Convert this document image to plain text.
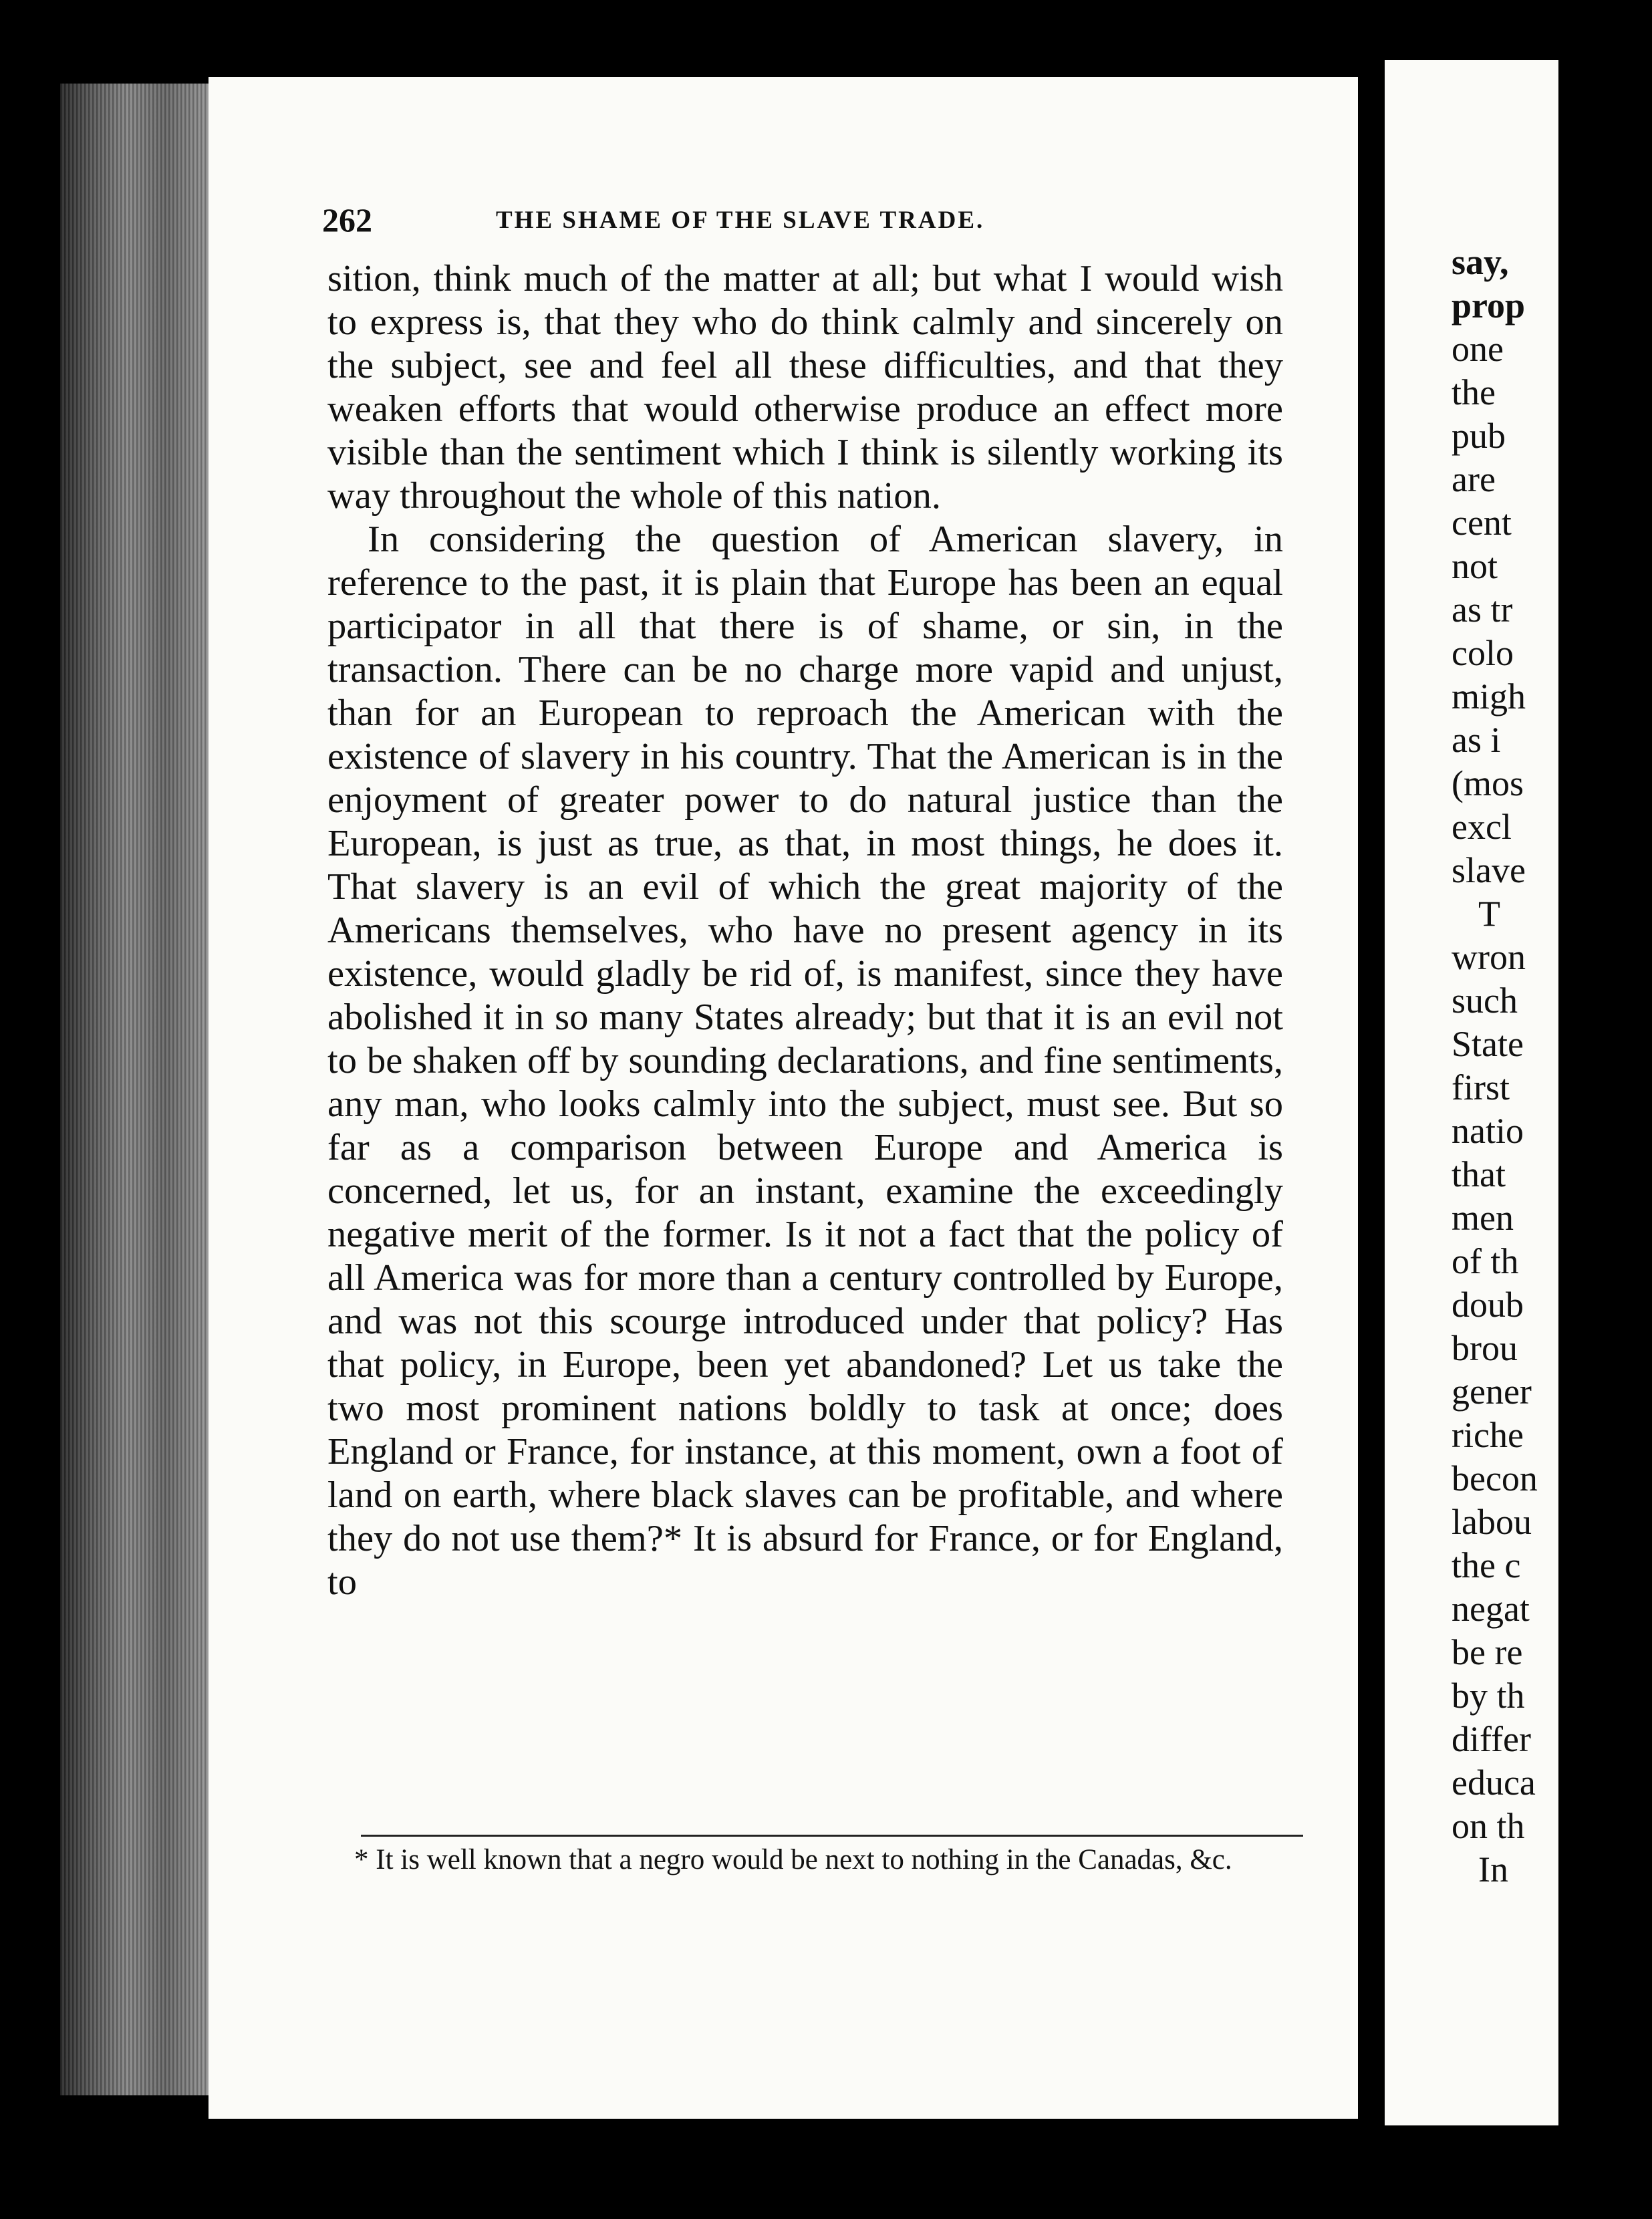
262	THE SHAME OF THE SLAVE TRADE.

sition, think much of the matter at all; but what I would wish to express is, that they who do think calmly and sincerely on the subject, see and feel all these difficulties, and that they weaken efforts that would otherwise produce an effect more visible than the sentiment which I think is silently working its way throughout the whole of this nation.

In considering the question of American slavery, in reference to the past, it is plain that Europe has been an equal participator in all that there is of shame, or sin, in the transaction. There can be no charge more vapid and unjust, than for an European to reproach the American with the existence of slavery in his country. That the American is in the enjoyment of greater power to do natural justice than the European, is just as true, as that, in most things, he does it. That slavery is an evil of which the great majority of the Americans themselves, who have no present agency in its existence, would gladly be rid of, is manifest, since they have abolished it in so many States already; but that it is an evil not to be shaken off by sounding declarations, and fine sentiments, any man, who looks calmly into the subject, must see. But so far as a comparison between Europe and America is concerned, let us, for an instant, examine the exceedingly negative merit of the former. Is it not a fact that the policy of all America was for more than a century controlled by Europe, and was not this scourge introduced under that policy? Has that policy, in Europe, been yet abandoned? Let us take the two most prominent nations boldly to task at once; does England or France, for instance, at this moment, own a foot of land on earth, where black slaves can be profitable, and where they do not use them?* It is absurd for France, or for England, to

* It is well known that a negro would be next to nothing in the Canadas, &c.
say,
prop
one
the
pub
are
cent
not
as tr
colo
migh
as i
(mos
excl
slave
T
wron
such
State
first
natio
that
men
of th
doub
brou
gener
riche
becon
labou
the c
negat
be re
by th
differ
educa
on th
In
